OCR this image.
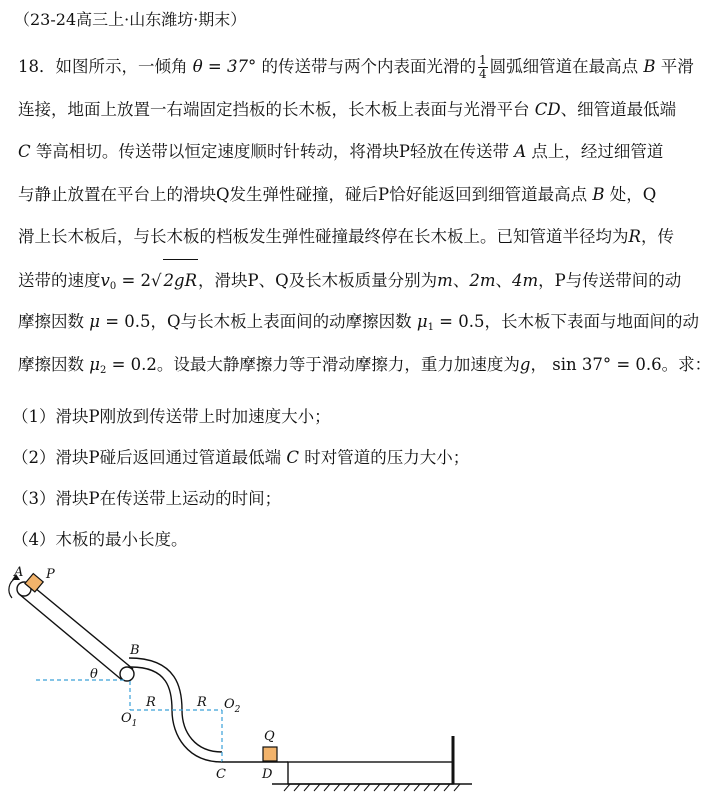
（23-24高三上·山东潍坊·期末）
18．如图所示，一倾角 θ = 37° 的传送带与两个内表面光滑的 $\frac{1}{4}$ 圆弧细管道在最高点 B 平滑
连接，地面上放置一右端固定挡板的长木板，长木板上表面与光滑平台 CD、细管道最低端
C 等高相切。传送带以恒定速度顺时针转动，将滑块P轻放在传送带 A 点上，经过细管道
与静止放置在平台上的滑块Q发生弹性碰撞，碰后P恰好能返回到细管道最高点 B 处，Q
滑上长木板后，与长木板的档板发生弹性碰撞最终停在长木板上。已知管道半径均为R，传
送带的速度$v_0 = 2√$ 2gR，滑块P、Q及长木板质量分别为m、2m、4m，P与传送带间的动
摩擦因数 μ = 0.5，Q与长木板上表面间的动摩擦因数 $\mu_1 = 0.5$，长木板下表面与地面间的动
摩擦因数 $\mu_2 = 0.2$。设最大静摩擦力等于滑动摩擦力，重力加速度为g， sin 37° = 0.6。求：
（1）滑块P刚放到传送带上时加速度大小；
（2）滑块P碰后返回通过管道最低端 C 时对管道的压力大小；
（3）滑块P在传送带上运动的时间；
（4）木板的最小长度。
A P
B
θ
R	R
$O_1$
$O_2$
Q
C	D
